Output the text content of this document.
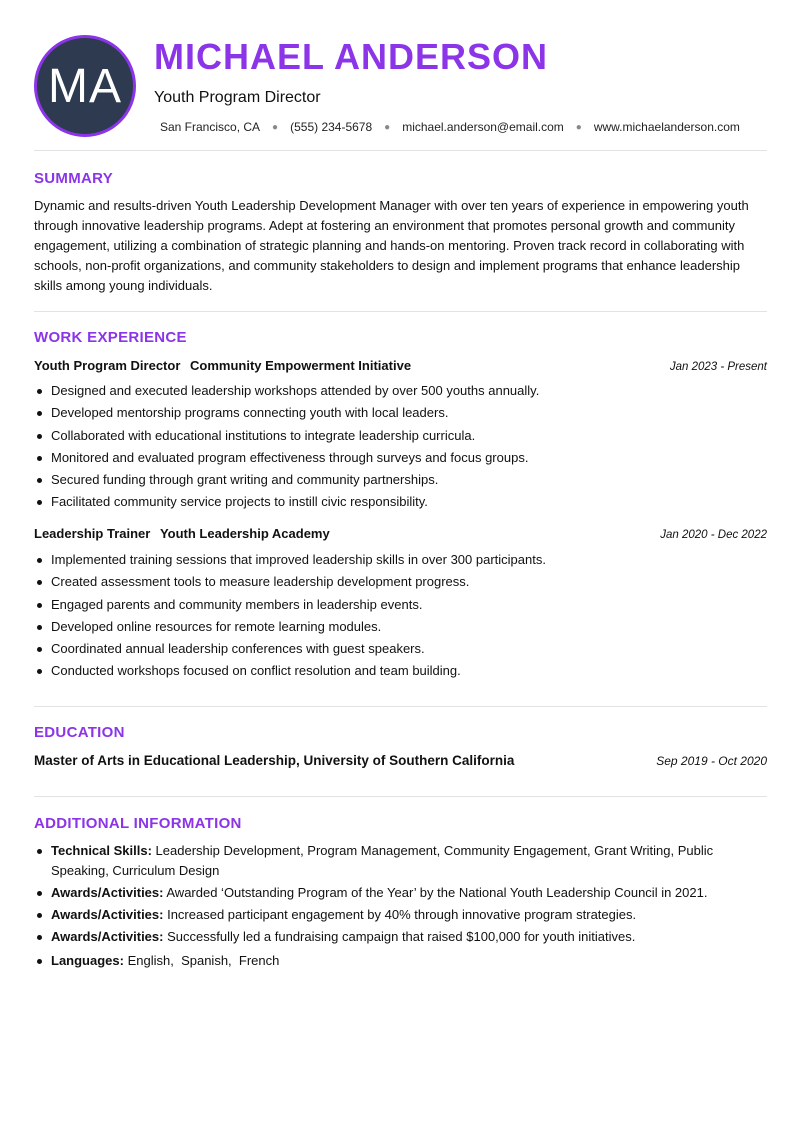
MA
MICHAEL ANDERSON
Youth Program Director
San Francisco, CA ● (555) 234-5678 ● michael.anderson@email.com ● www.michaelanderson.com
SUMMARY
Dynamic and results-driven Youth Leadership Development Manager with over ten years of experience in empowering youth through innovative leadership programs. Adept at fostering an environment that promotes personal growth and community engagement, utilizing a combination of strategic planning and hands-on mentoring. Proven track record in collaborating with schools, non-profit organizations, and community stakeholders to design and implement programs that enhance leadership skills among young individuals.
WORK EXPERIENCE
Youth Program Director Community Empowerment Initiative	Jan 2023 - Present
Designed and executed leadership workshops attended by over 500 youths annually.
Developed mentorship programs connecting youth with local leaders.
Collaborated with educational institutions to integrate leadership curricula.
Monitored and evaluated program effectiveness through surveys and focus groups.
Secured funding through grant writing and community partnerships.
Facilitated community service projects to instill civic responsibility.
Leadership Trainer Youth Leadership Academy	Jan 2020 - Dec 2022
Implemented training sessions that improved leadership skills in over 300 participants.
Created assessment tools to measure leadership development progress.
Engaged parents and community members in leadership events.
Developed online resources for remote learning modules.
Coordinated annual leadership conferences with guest speakers.
Conducted workshops focused on conflict resolution and team building.
EDUCATION
Master of Arts in Educational Leadership, University of Southern California	Sep 2019 - Oct 2020
ADDITIONAL INFORMATION
Technical Skills: Leadership Development, Program Management, Community Engagement, Grant Writing, Public Speaking, Curriculum Design
Awards/Activities: Awarded ‘Outstanding Program of the Year’ by the National Youth Leadership Council in 2021.
Awards/Activities: Increased participant engagement by 40% through innovative program strategies.
Awards/Activities: Successfully led a fundraising campaign that raised $100,000 for youth initiatives.
Languages: English,  Spanish,  French
